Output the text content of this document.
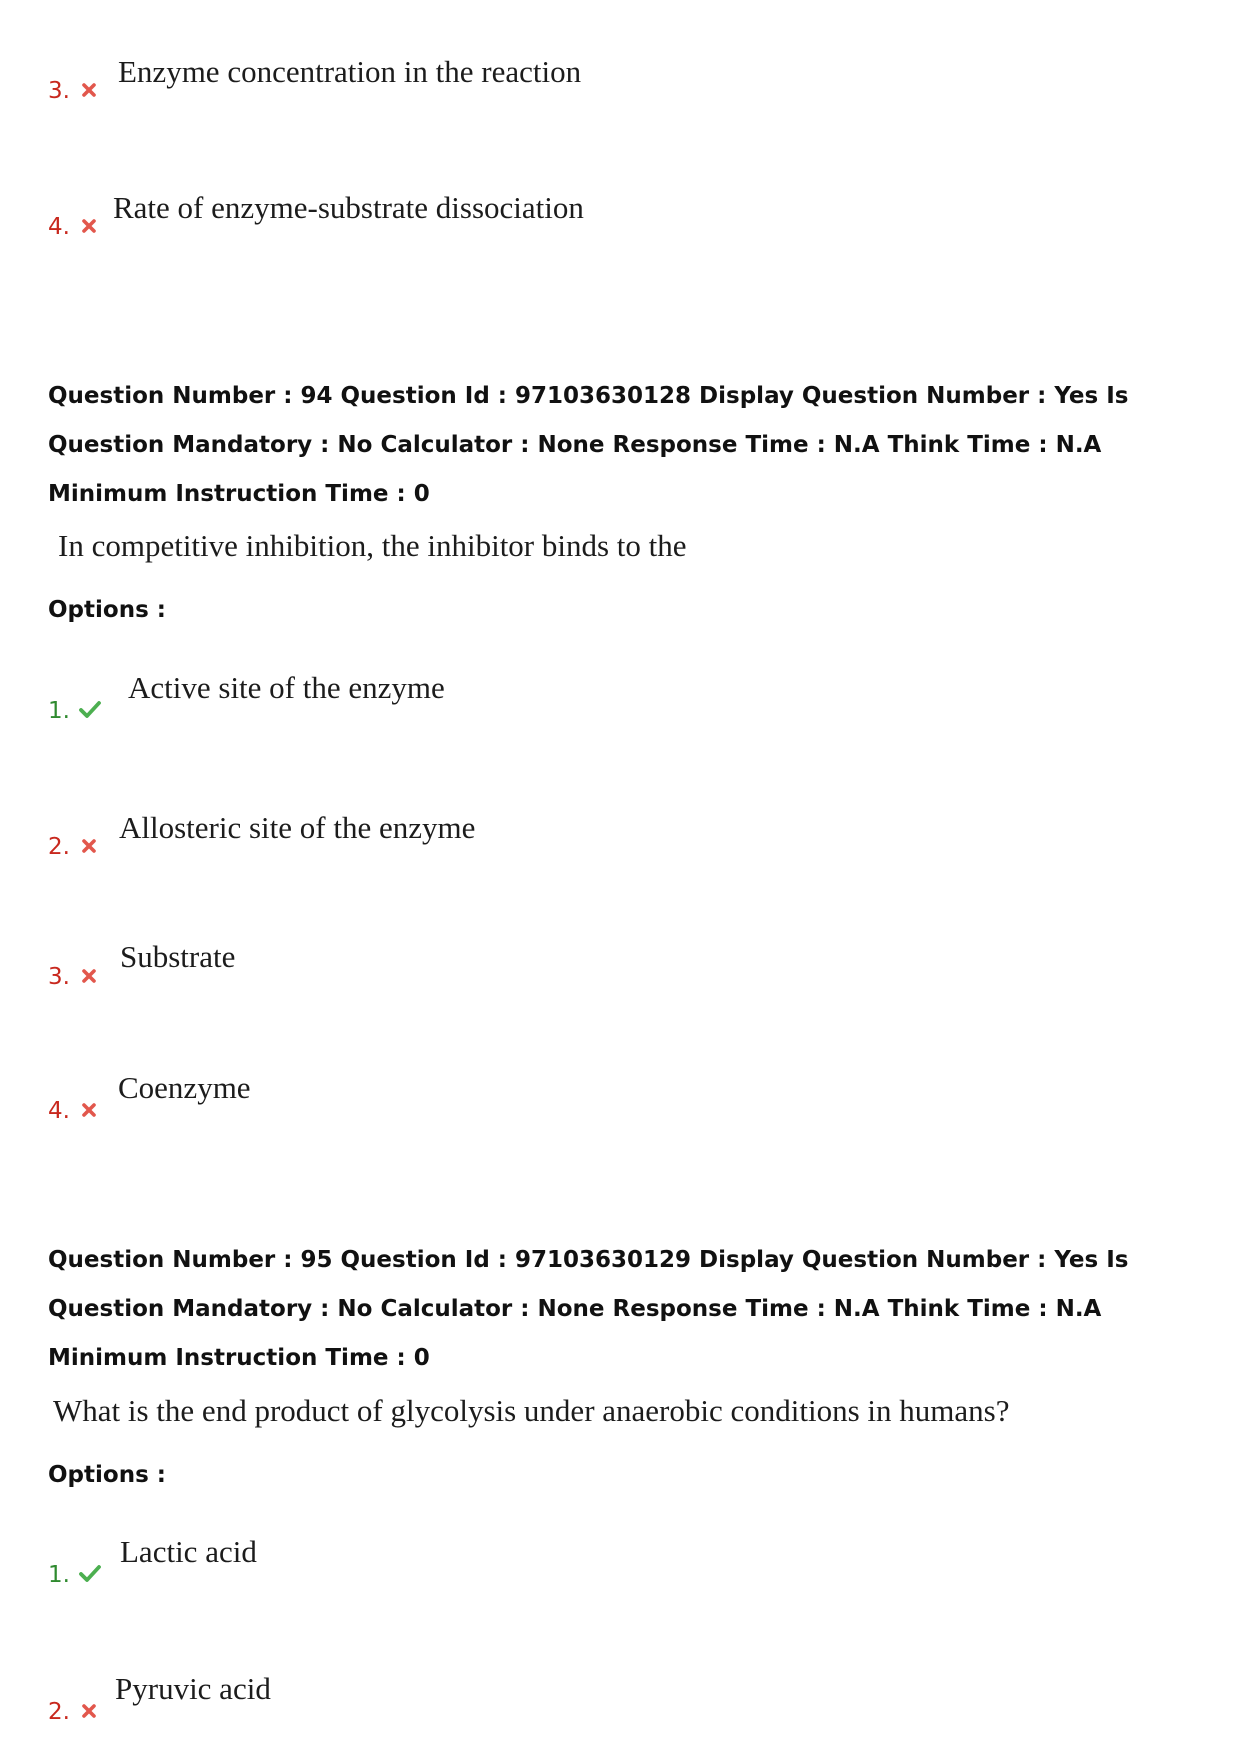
3.
Enzyme concentration in the reaction
4.
Rate of enzyme-substrate dissociation
Question Number : 94 Question Id : 97103630128 Display Question Number : Yes Is Question Mandatory : No Calculator : None Response Time : N.A Think Time : N.A Minimum Instruction Time : 0
In competitive inhibition, the inhibitor binds to the
Options :
1.
Active site of the enzyme
2.
Allosteric site of the enzyme
3.
Substrate
4.
Coenzyme
Question Number : 95 Question Id : 97103630129 Display Question Number : Yes Is Question Mandatory : No Calculator : None Response Time : N.A Think Time : N.A Minimum Instruction Time : 0
What is the end product of glycolysis under anaerobic conditions in humans?
Options :
1.
Lactic acid
2.
Pyruvic acid
